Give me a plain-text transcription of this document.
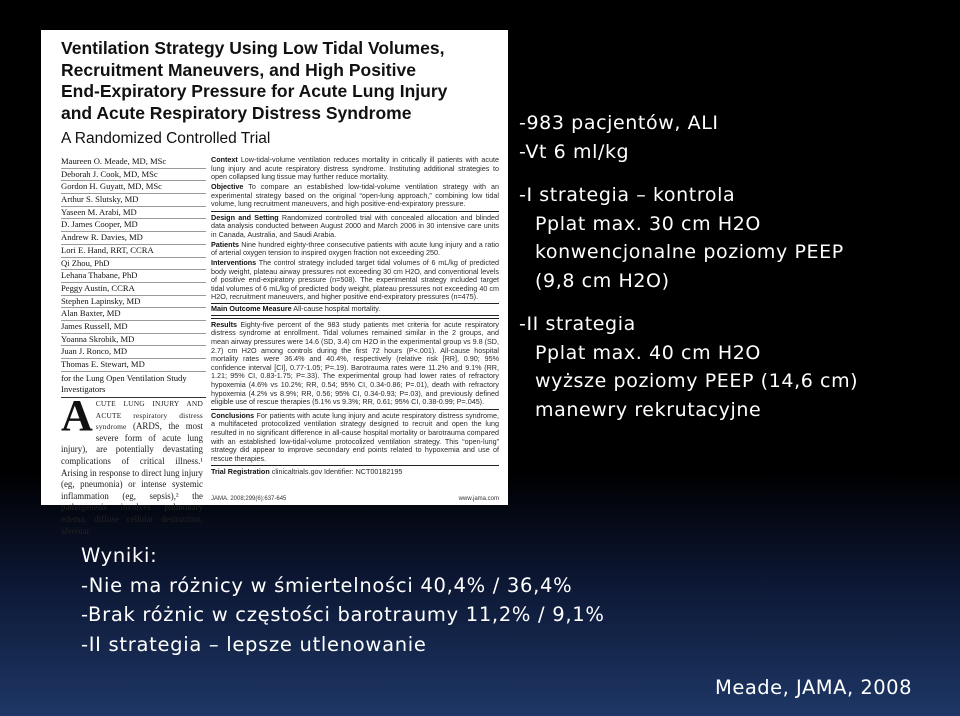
Ventilation Strategy Using Low Tidal Volumes,
Recruitment Maneuvers, and High Positive
End-Expiratory Pressure for Acute Lung Injury
and Acute Respiratory Distress Syndrome
A Randomized Controlled Trial
Maureen O. Meade, MD, MSc
Deborah J. Cook, MD, MSc
Gordon H. Guyatt, MD, MSc
Arthur S. Slutsky, MD
Yaseen M. Arabi, MD
D. James Cooper, MD
Andrew R. Davies, MD
Lori E. Hand, RRT, CCRA
Qi Zhou, PhD
Lehana Thabane, PhD
Peggy Austin, CCRA
Stephen Lapinsky, MD
Alan Baxter, MD
James Russell, MD
Yoanna Skrobik, MD
Juan J. Ronco, MD
Thomas E. Stewart, MD
for the Lung Open Ventilation Study Investigators
ACUTE LUNG INJURY AND ACUTE respiratory distress syndrome (ARDS, the most severe form of acute lung injury), are potentially devastating complications of critical illness.¹ Arising in response to direct lung injury (eg, pneumonia) or intense systemic inflammation (eg, sepsis),² the pathogenesis involves pulmonary edema, diffuse cellular destruction, alveolar

Context Low-tidal-volume ventilation reduces mortality in critically ill patients with acute lung injury and acute respiratory distress syndrome. Instituting additional strategies to open collapsed lung tissue may further reduce mortality.

Objective To compare an established low-tidal-volume ventilation strategy with an experimental strategy based on the original “open-lung approach,” combining low tidal volume, lung recruitment maneuvers, and high positive-end-expiratory pressure.

Design and Setting Randomized controlled trial with concealed allocation and blinded data analysis conducted between August 2000 and March 2006 in 30 intensive care units in Canada, Australia, and Saudi Arabia.

Patients Nine hundred eighty-three consecutive patients with acute lung injury and a ratio of arterial oxygen tension to inspired oxygen fraction not exceeding 250.

Interventions The control strategy included target tidal volumes of 6 mL/kg of predicted body weight, plateau airway pressures not exceeding 30 cm H2O, and conventional levels of positive end-expiratory pressure (n=508). The experimental strategy included target tidal volumes of 6 mL/kg of predicted body weight, plateau pressures not exceeding 40 cm H2O, recruitment maneuvers, and higher positive end-expiratory pressures (n=475).

Main Outcome Measure All-cause hospital mortality.

Results Eighty-five percent of the 983 study patients met criteria for acute respiratory distress syndrome at enrollment. Tidal volumes remained similar in the 2 groups, and mean airway pressures were 14.6 (SD, 3.4) cm H2O in the experimental group vs 9.8 (SD, 2.7) cm H2O among controls during the first 72 hours (P<.001). All-cause hospital mortality rates were 36.4% and 40.4%, respectively (relative risk [RR], 0.90; 95% confidence interval [CI], 0.77-1.05; P=.19). Barotrauma rates were 11.2% and 9.1% (RR, 1.21; 95% CI, 0.83-1.75; P=.33). The experimental group had lower rates of refractory hypoxemia (4.6% vs 10.2%; RR, 0.54; 95% CI, 0.34-0.86; P=.01), death with refractory hypoxemia (4.2% vs 8.9%; RR, 0.56; 95% CI, 0.34-0.93; P=.03), and previously defined eligible use of rescue therapies (5.1% vs 9.3%; RR, 0.61; 95% CI, 0.38-0.99; P=.045).

Conclusions For patients with acute lung injury and acute respiratory distress syndrome, a multifaceted protocolized ventilation strategy designed to recruit and open the lung resulted in no significant difference in all-cause hospital mortality or barotrauma compared with an established low-tidal-volume protocolized ventilation strategy. This “open-lung” strategy did appear to improve secondary end points related to hypoxemia and use of rescue therapies.

Trial Registration clinicaltrials.gov Identifier: NCT00182195

JAMA. 2008;299(6):637-645	www.jama.com
-983 pacjentów, ALI
-Vt 6 ml/kg
-I strategia – kontrola
Pplat max. 30 cm H2O
konwencjonalne poziomy PEEP
(9,8 cm H2O)
-II strategia
Pplat max. 40 cm H2O
wyższe poziomy PEEP (14,6 cm)
manewry rekrutacyjne
Wyniki:
-Nie ma różnicy w śmiertelności 40,4% / 36,4%
-Brak różnic w częstości barotraumy 11,2% / 9,1%
-II strategia – lepsze utlenowanie
Meade, JAMA, 2008
